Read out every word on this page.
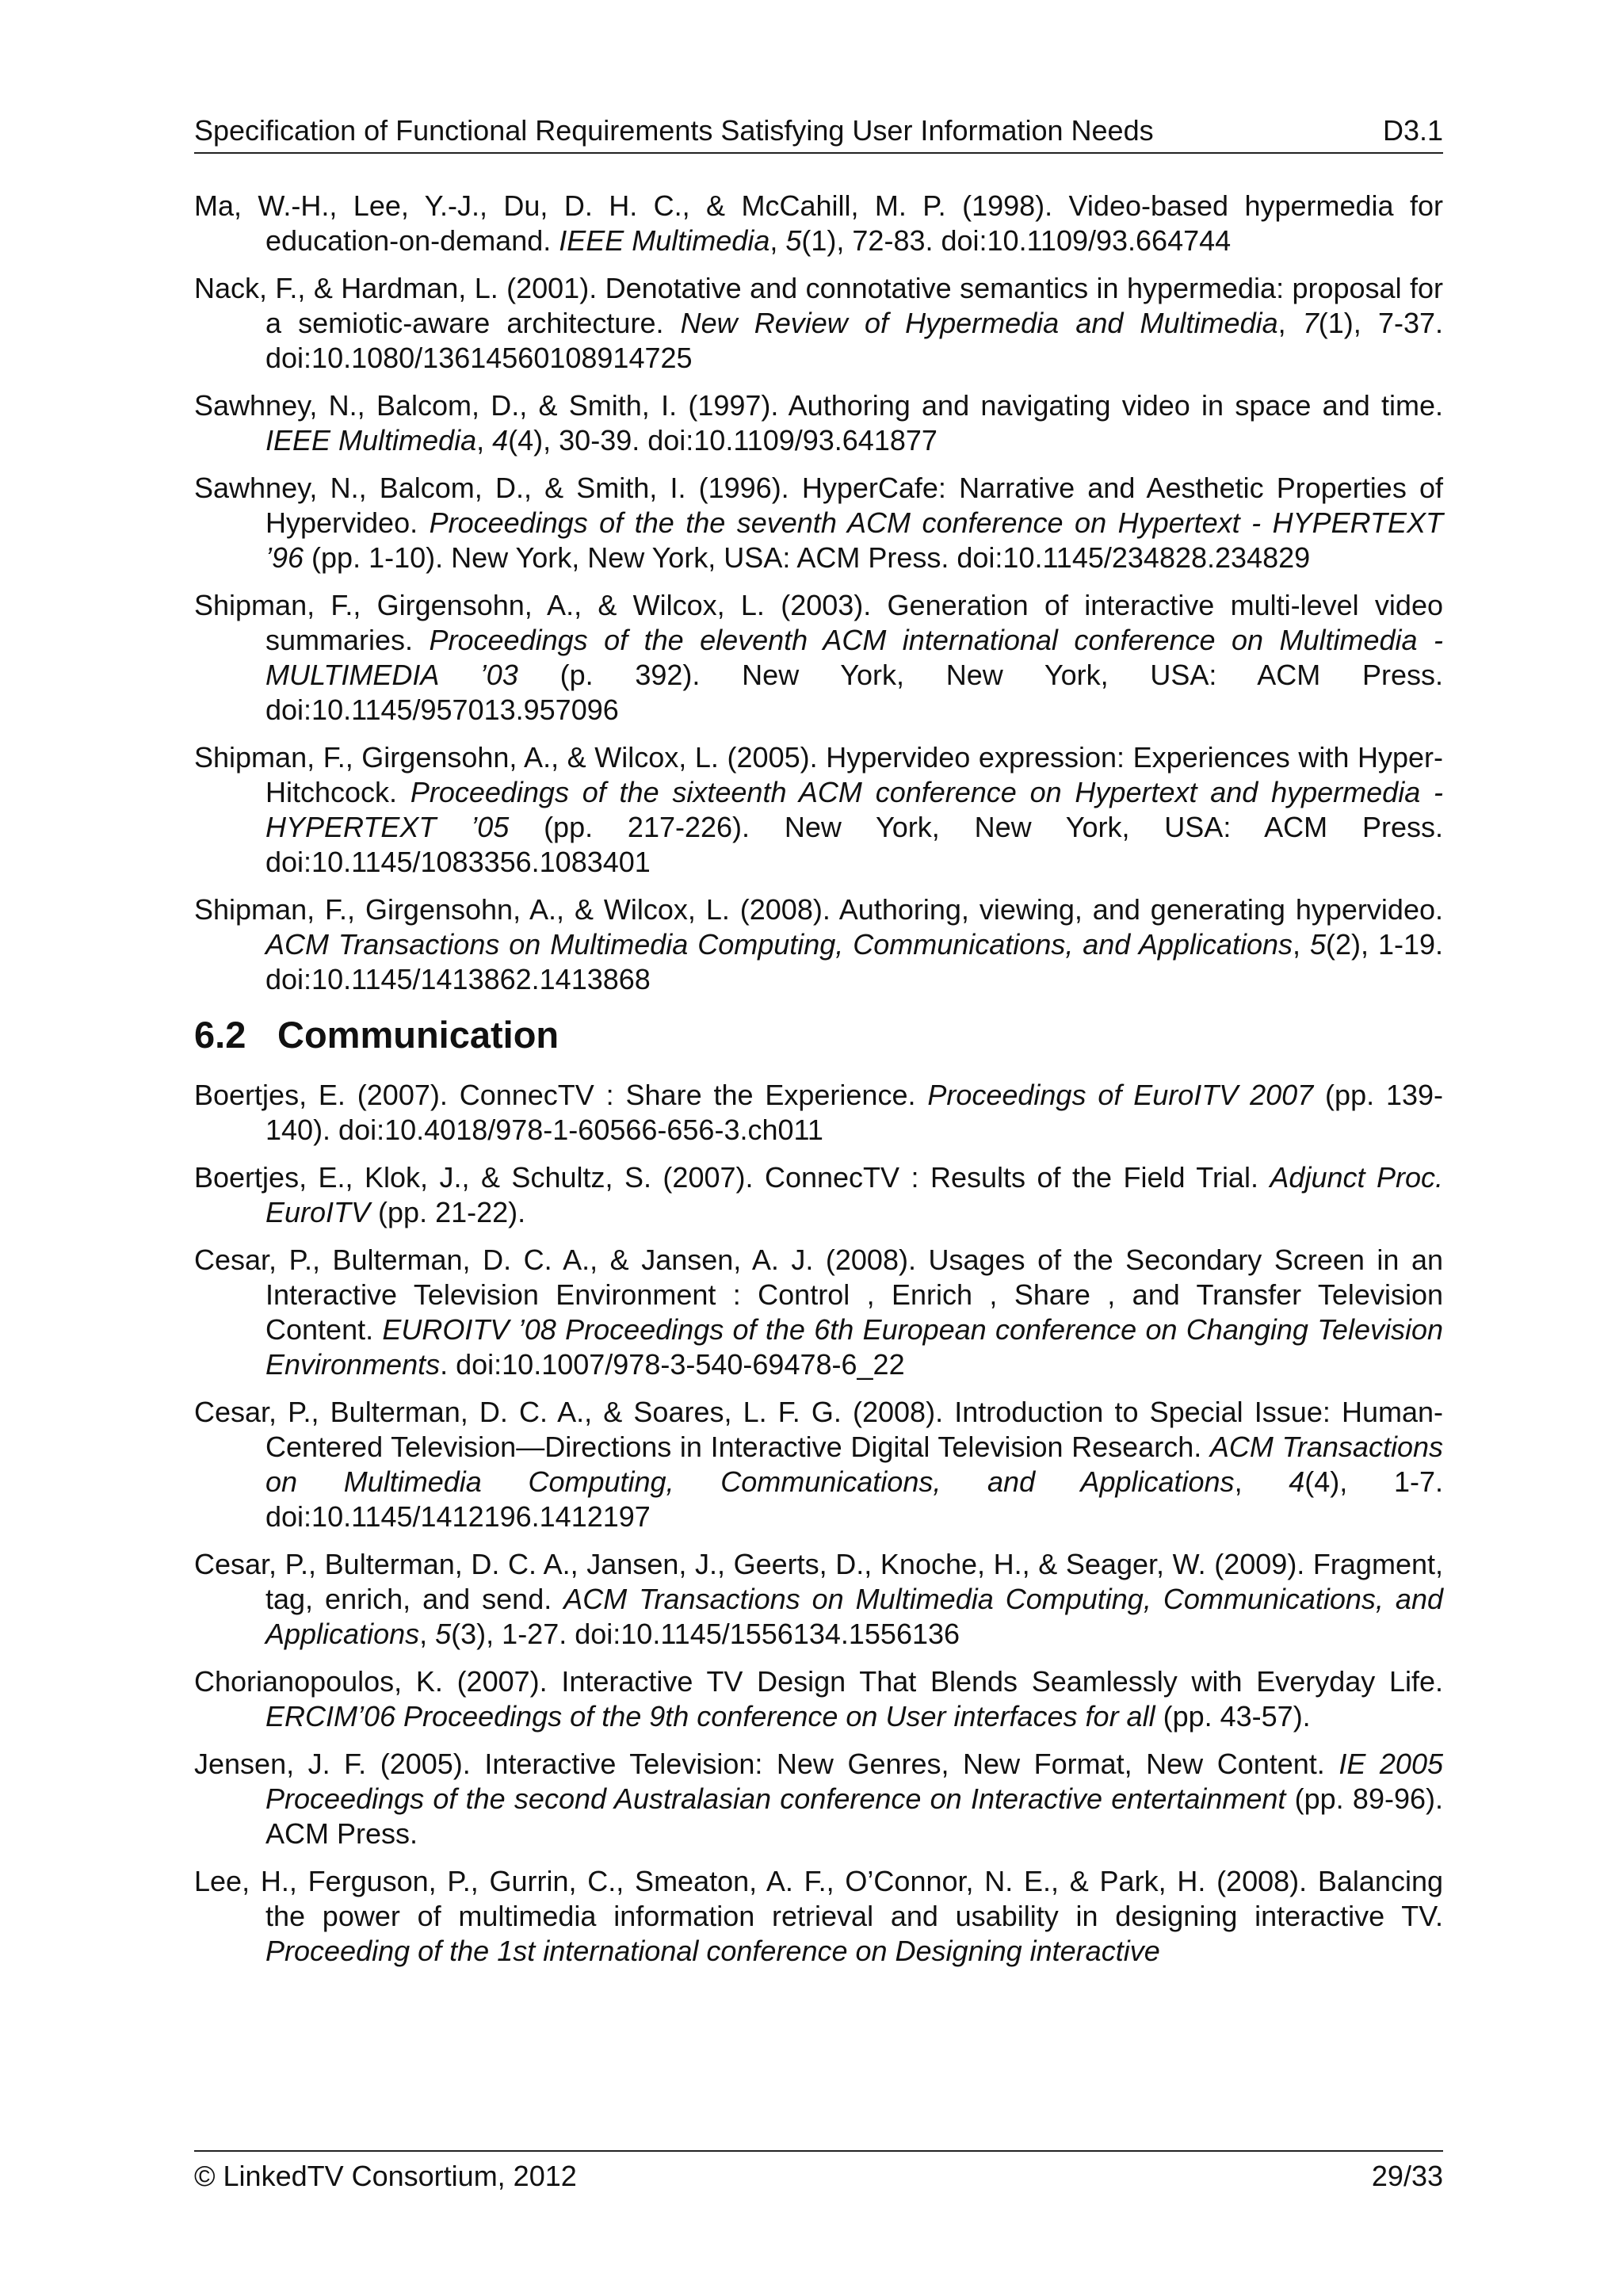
Specification of Functional Requirements Satisfying User Information Needs	D3.1

Ma, W.-H., Lee, Y.-J., Du, D. H. C., & McCahill, M. P. (1998). Video-based hypermedia for education-on-demand. IEEE Multimedia, 5(1), 72-83. doi:10.1109/93.664744

Nack, F., & Hardman, L. (2001). Denotative and connotative semantics in hypermedia: proposal for a semiotic-aware architecture. New Review of Hypermedia and Multimedia, 7(1), 7-37. doi:10.1080/13614560108914725

Sawhney, N., Balcom, D., & Smith, I. (1997). Authoring and navigating video in space and time. IEEE Multimedia, 4(4), 30-39. doi:10.1109/93.641877

Sawhney, N., Balcom, D., & Smith, I. (1996). HyperCafe: Narrative and Aesthetic Properties of Hypervideo. Proceedings of the the seventh ACM conference on Hypertext - HYPERTEXT ’96 (pp. 1-10). New York, New York, USA: ACM Press. doi:10.1145/234828.234829

Shipman, F., Girgensohn, A., & Wilcox, L. (2003). Generation of interactive multi-level video summaries. Proceedings of the eleventh ACM international conference on Multimedia - MULTIMEDIA ’03 (p. 392). New York, New York, USA: ACM Press. doi:10.1145/957013.957096

Shipman, F., Girgensohn, A., & Wilcox, L. (2005). Hypervideo expression: Experiences with Hyper-Hitchcock. Proceedings of the sixteenth ACM conference on Hypertext and hypermedia - HYPERTEXT ’05 (pp. 217-226). New York, New York, USA: ACM Press. doi:10.1145/1083356.1083401

Shipman, F., Girgensohn, A., & Wilcox, L. (2008). Authoring, viewing, and generating hypervideo. ACM Transactions on Multimedia Computing, Communications, and Applications, 5(2), 1-19. doi:10.1145/1413862.1413868

6.2 Communication

Boertjes, E. (2007). ConnecTV : Share the Experience. Proceedings of EuroITV 2007 (pp. 139-140). doi:10.4018/978-1-60566-656-3.ch011

Boertjes, E., Klok, J., & Schultz, S. (2007). ConnecTV : Results of the Field Trial. Adjunct Proc. EuroITV (pp. 21-22).

Cesar, P., Bulterman, D. C. A., & Jansen, A. J. (2008). Usages of the Secondary Screen in an Interactive Television Environment : Control , Enrich , Share , and Transfer Television Content. EUROITV ’08 Proceedings of the 6th European conference on Changing Television Environments. doi:10.1007/978-3-540-69478-6_22

Cesar, P., Bulterman, D. C. A., & Soares, L. F. G. (2008). Introduction to Special Issue: Human-Centered Television—Directions in Interactive Digital Television Research. ACM Transactions on Multimedia Computing, Communications, and Applications, 4(4), 1-7. doi:10.1145/1412196.1412197

Cesar, P., Bulterman, D. C. A., Jansen, J., Geerts, D., Knoche, H., & Seager, W. (2009). Fragment, tag, enrich, and send. ACM Transactions on Multimedia Computing, Communications, and Applications, 5(3), 1-27. doi:10.1145/1556134.1556136

Chorianopoulos, K. (2007). Interactive TV Design That Blends Seamlessly with Everyday Life. ERCIM’06 Proceedings of the 9th conference on User interfaces for all (pp. 43-57).

Jensen, J. F. (2005). Interactive Television: New Genres, New Format, New Content. IE 2005 Proceedings of the second Australasian conference on Interactive entertainment (pp. 89-96). ACM Press.

Lee, H., Ferguson, P., Gurrin, C., Smeaton, A. F., O’Connor, N. E., & Park, H. (2008). Balancing the power of multimedia information retrieval and usability in designing interactive TV. Proceeding of the 1st international conference on Designing interactive

© LinkedTV Consortium, 2012	29/33
